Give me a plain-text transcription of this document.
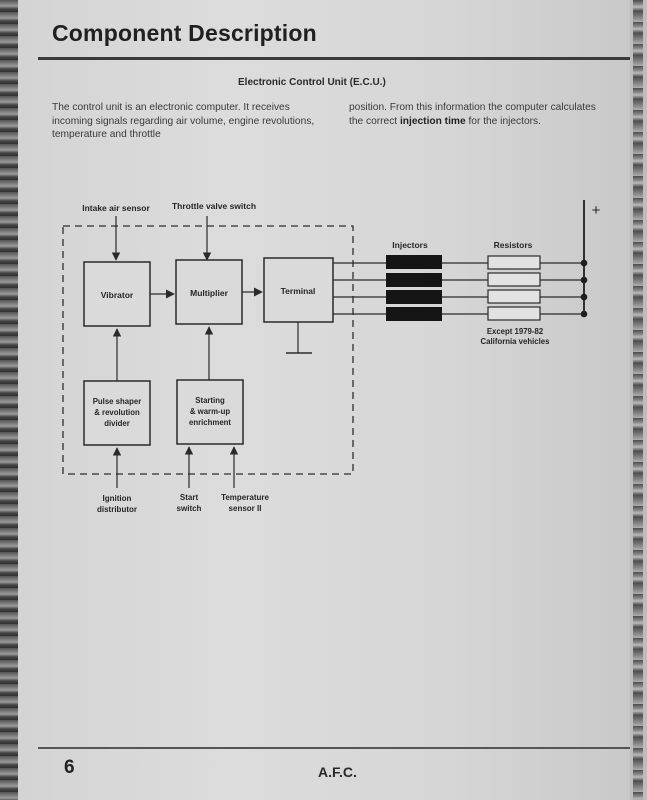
Component Description
Electronic Control Unit (E.C.U.)
The control unit is an electronic computer. It receives incoming signals regarding air volume, engine revolutions, temperature and throttle
position. From this information the computer calculates the correct injection time for the injectors.
Intake air sensor	Throttle valve switch
Vibrator	Multiplier	Terminal
Pulse shaper
& revolution
divider
Starting
& warm-up
enrichment
Ignition
distributor
Start
switch
Temperature
sensor II
Injectors	Resistors
Except 1979-82
California vehicles
+
6	A.F.C.
